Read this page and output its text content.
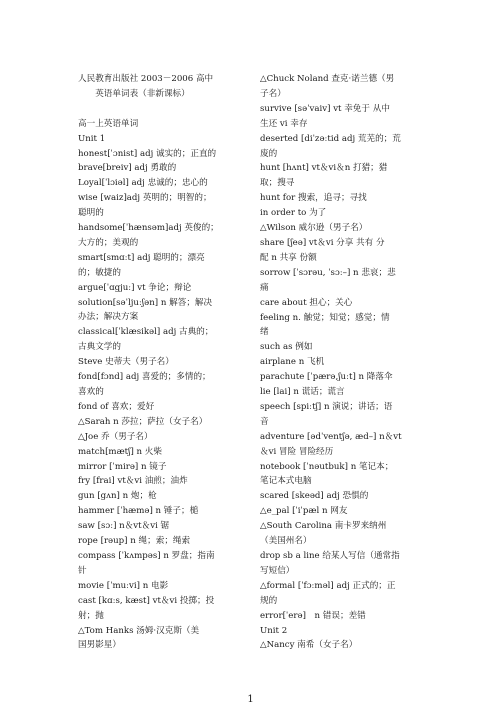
人民教育出版社 2003－2006 高中
　　英语单词表（非新课标）
高一上英语单词
Unit 1
honest[ˈɔnist] adj 诚实的；正直的
brave[breiv] adj 勇敢的
Loyal[ˈlɔiəl] adj 忠诚的；忠心的
wise [waiz]adj 英明的；明智的；
聪明的
handsome[ˈhænsəm]adj 英俊的；
大方的；美观的
smart[smɑːt] adj 聪明的；漂亮
的；敏捷的
argue[ˈɑgjuː] vt 争论；辩论
solution[səˈljuːʃən] n 解答；解决
办法；解决方案
classical[ˈklæsikəl] adj 古典的；
古典文学的
Steve 史蒂夫（男子名）
fond[fɔnd] adj 喜爱的；多情的；
喜欢的
fond of 喜欢；爱好
△Sarah n 莎拉；萨拉（女子名）
△Joe 乔（男子名）
match[mætʃ] n 火柴
mirror [ˈmirə] n 镜子
fry [frai] vt＆vi 油煎；油炸
gun [gʌn] n 炮；枪
hammer [ˈhæmə] n 锤子；槌
saw [sɔː] n＆vt＆vi 锯
rope [rəup] n 绳；索；绳索
compass [ˈkʌmpəs] n 罗盘；指南
针
movie [ˈmuːvi] n 电影
cast [kɑːs, kæst] vt＆vi 投掷；投
射；抛
△Tom Hanks 汤姆·汉克斯（美
国男影星）
△Chuck Noland 查克·诺兰德（男
子名）
survive [səˈvaiv] vt 幸免于 从中
生还 vi 幸存
deserted [diˈzəːtid adj 荒芜的；荒
废的
hunt [hʌnt] vt＆vi＆n 打猎；猎
取；搜寻
hunt for 搜索，追寻；寻找
in order to 为了
△Wilson 威尔逊（男子名）
share [ʃeə] vt＆vi 分享 共有 分
配 n 共享 份额
sorrow [ˈsɔrəu, ˈsɔː–] n 悲哀；悲
痛
care about 担心；关心
feeling n. 触觉；知觉；感觉；情
绪
such as 例如
airplane n 飞机
parachute [ˈpærə,ʃuːt] n 降落伞
lie [lai] n 谎话；谎言
speech [spiːtʃ] n 演说；讲话；语
音
adventure [ədˈventʃə, æd–] n＆vt
＆vi 冒险 冒险经历
notebook [ˈnəutbuk] n 笔记本；
笔记本式电脑
scared [skeəd] adj 恐惧的
△e_pal [ˈiˈpæl n 网友
△South Carolina 南卡罗来纳州
（美国州名）
drop sb a line 给某人写信（通常指
写短信）
△formal [ˈfɔːməl] adj 正式的；正
规的
error[ˈerə]　n 错误；差错
Unit 2
△Nancy 南希（女子名）
1
